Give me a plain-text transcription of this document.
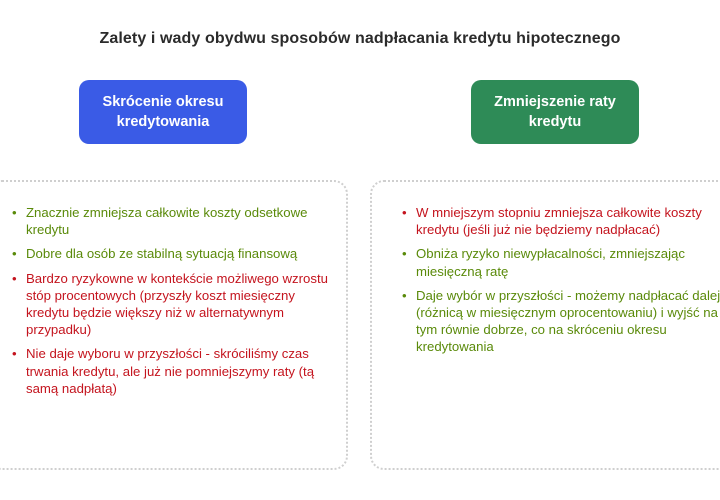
Zalety i wady obydwu sposobów nadpłacania kredytu hipotecznego
Skrócenie okresu kredytowania
Zmniejszenie raty kredytu
• Znacznie zmniejsza całkowite koszty odsetkowe kredytu
• Dobre dla osób ze stabilną sytuacją finansową
• Bardzo ryzykowne w kontekście możliwego wzrostu stóp procentowych (przyszły koszt miesięczny kredytu będzie większy niż w alternatywnym przypadku)
• Nie daje wyboru w przyszłości - skróciliśmy czas trwania kredytu, ale już nie pomniejszymy raty (tą samą nadpłatą)
• W mniejszym stopniu zmniejsza całkowite koszty kredytu (jeśli już nie będziemy nadpłacać)
• Obniża ryzyko niewypłacalności, zmniejszając miesięczną ratę
• Daje wybór w przyszłości - możemy nadpłacać dalej (różnicą w miesięcznym oprocentowaniu) i wyjść na tym równie dobrze, co na skróceniu okresu kredytowania
